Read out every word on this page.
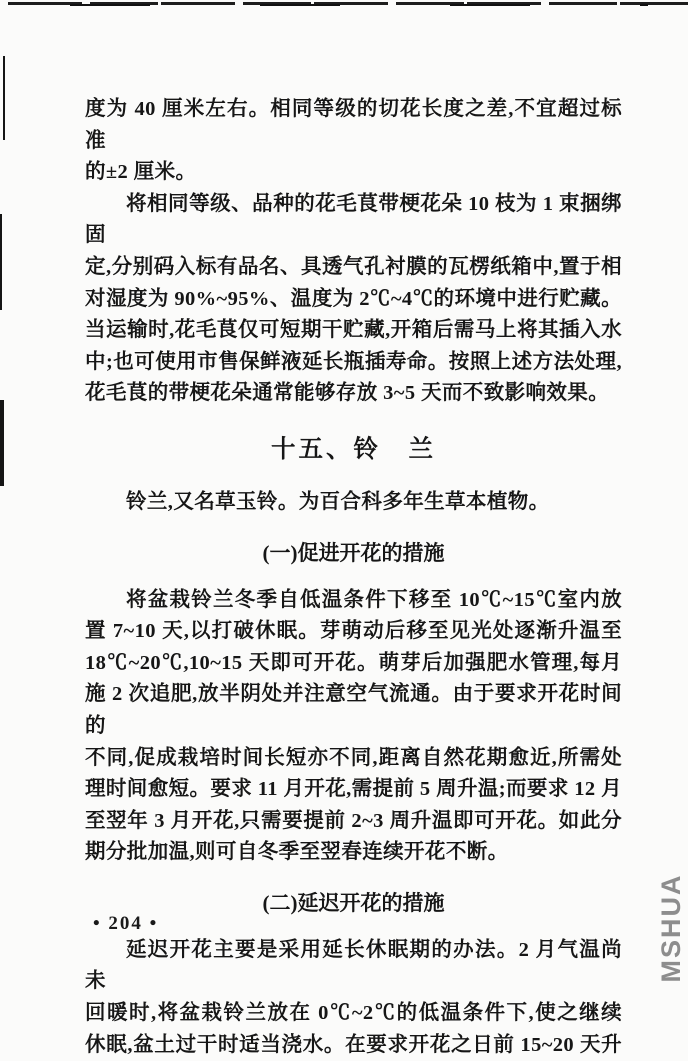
度为 40 厘米左右。相同等级的切花长度之差,不宜超过标准

的±2 厘米。

将相同等级、品种的花毛茛带梗花朵 10 枝为 1 束捆绑固

定,分别码入标有品名、具透气孔衬膜的瓦楞纸箱中,置于相

对湿度为 90%~95%、温度为 2℃~4℃的环境中进行贮藏。

当运输时,花毛茛仅可短期干贮藏,开箱后需马上将其插入水

中;也可使用市售保鲜液延长瓶插寿命。按照上述方法处理,

花毛茛的带梗花朵通常能够存放 3~5 天而不致影响效果。

十五、铃　兰

铃兰,又名草玉铃。为百合科多年生草本植物。

(一)促进开花的措施

将盆栽铃兰冬季自低温条件下移至 10℃~15℃室内放

置 7~10 天,以打破休眠。芽萌动后移至见光处逐渐升温至

18℃~20℃,10~15 天即可开花。萌芽后加强肥水管理,每月

施 2 次追肥,放半阴处并注意空气流通。由于要求开花时间的

不同,促成栽培时间长短亦不同,距离自然花期愈近,所需处

理时间愈短。要求 11 月开花,需提前 5 周升温;而要求 12 月

至翌年 3 月开花,只需要提前 2~3 周升温即可开花。如此分

期分批加温,则可自冬季至翌春连续开花不断。

(二)延迟开花的措施

延迟开花主要是采用延长休眠期的办法。2 月气温尚未

回暖时,将盆栽铃兰放在 0℃~2℃的低温条件下,使之继续

休眠,盆土过干时适当浇水。在要求开花之日前 15~20 天升

• 204 •	MSHUA
